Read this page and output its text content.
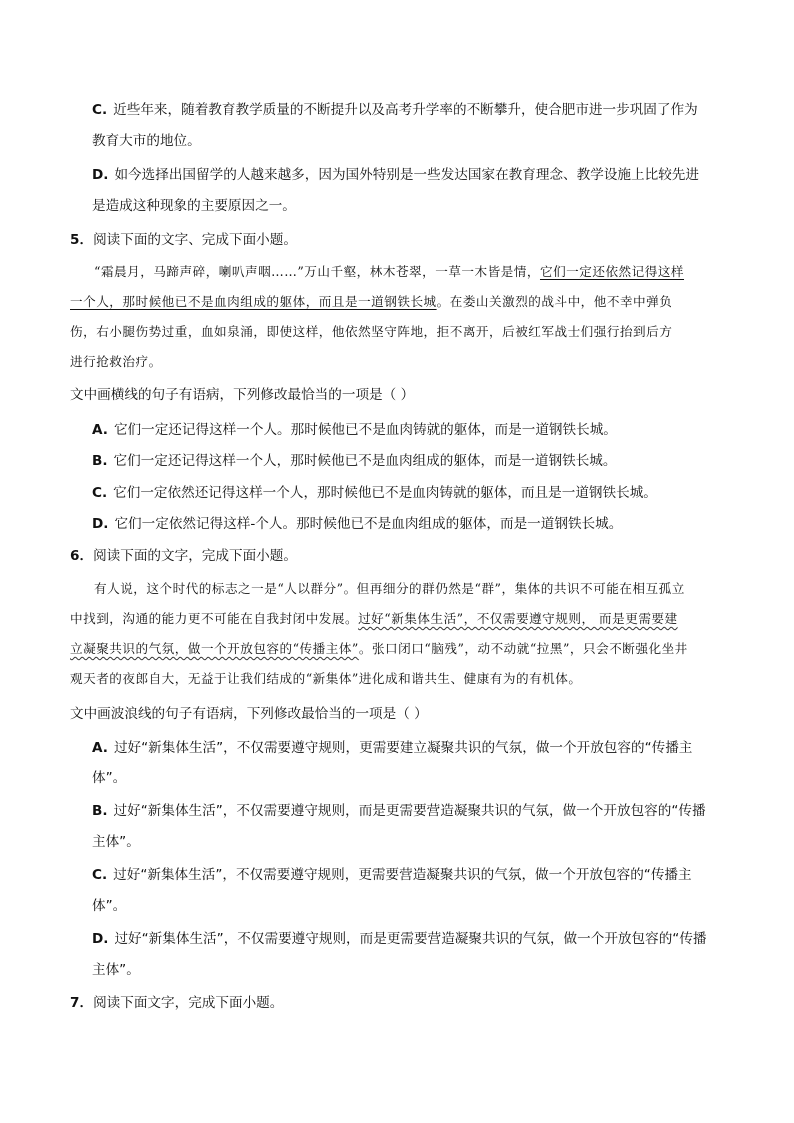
C. 近些年来，随着教育教学质量的不断提升以及高考升学率的不断攀升，使合肥市进一步巩固了作为
教育大市的地位。
D. 如今选择出国留学的人越来越多，因为国外特别是一些发达国家在教育理念、教学设施上比较先进
是造成这种现象的主要原因之一。
5．阅读下面的文字、完成下面小题。
“霜晨月，马蹄声碎，喇叭声咽……”万山千壑，林木苍翠，一草一木皆是情，它们一定还依然记得这样
一个人，那时候他已不是血肉组成的躯体，而且是一道钢铁长城。在娄山关激烈的战斗中，他不幸中弹负
伤，右小腿伤势过重，血如泉涌，即使这样，他依然坚守阵地，拒不离开，后被红军战士们强行抬到后方
进行抢救治疗。
文中画横线的句子有语病，下列修改最恰当的一项是（ ）
A. 它们一定还记得这样一个人。那时候他已不是血肉铸就的躯体，而是一道钢铁长城。
B. 它们一定还记得这样一个人，那时候他已不是血肉组成的躯体，而是一道钢铁长城。
C. 它们一定依然还记得这样一个人，那时候他已不是血肉铸就的躯体，而且是一道钢铁长城。
D. 它们一定依然记得这样-个人。那时候他已不是血肉组成的躯体，而是一道钢铁长城。
6．阅读下面的文字，完成下面小题。
有人说，这个时代的标志之一是“人以群分”。但再细分的群仍然是“群”，集体的共识不可能在相互孤立
中找到，沟通的能力更不可能在自我封闭中发展。过好“新集体生活”，不仅需要遵守规则， 而是更需要建
立凝聚共识的气氛，做一个开放包容的“传播主体”。张口闭口“脑残”，动不动就“拉黑”，只会不断强化坐井
观天者的夜郎自大，无益于让我们结成的“新集体”进化成和谐共生、健康有为的有机体。
文中画波浪线的句子有语病，下列修改最恰当的一项是（ ）
A. 过好“新集体生活”，不仅需要遵守规则，更需要建立凝聚共识的气氛，做一个开放包容的“传播主
体”。
B. 过好“新集体生活”，不仅需要遵守规则，而是更需要营造凝聚共识的气氛，做一个开放包容的“传播
主体”。
C. 过好“新集体生活”，不仅需要遵守规则，更需要营造凝聚共识的气氛，做一个开放包容的“传播主
体”。
D. 过好“新集体生活”，不仅需要遵守规则，而是更需要营造凝聚共识的气氛，做一个开放包容的“传播
主体”。
7．阅读下面文字，完成下面小题。
